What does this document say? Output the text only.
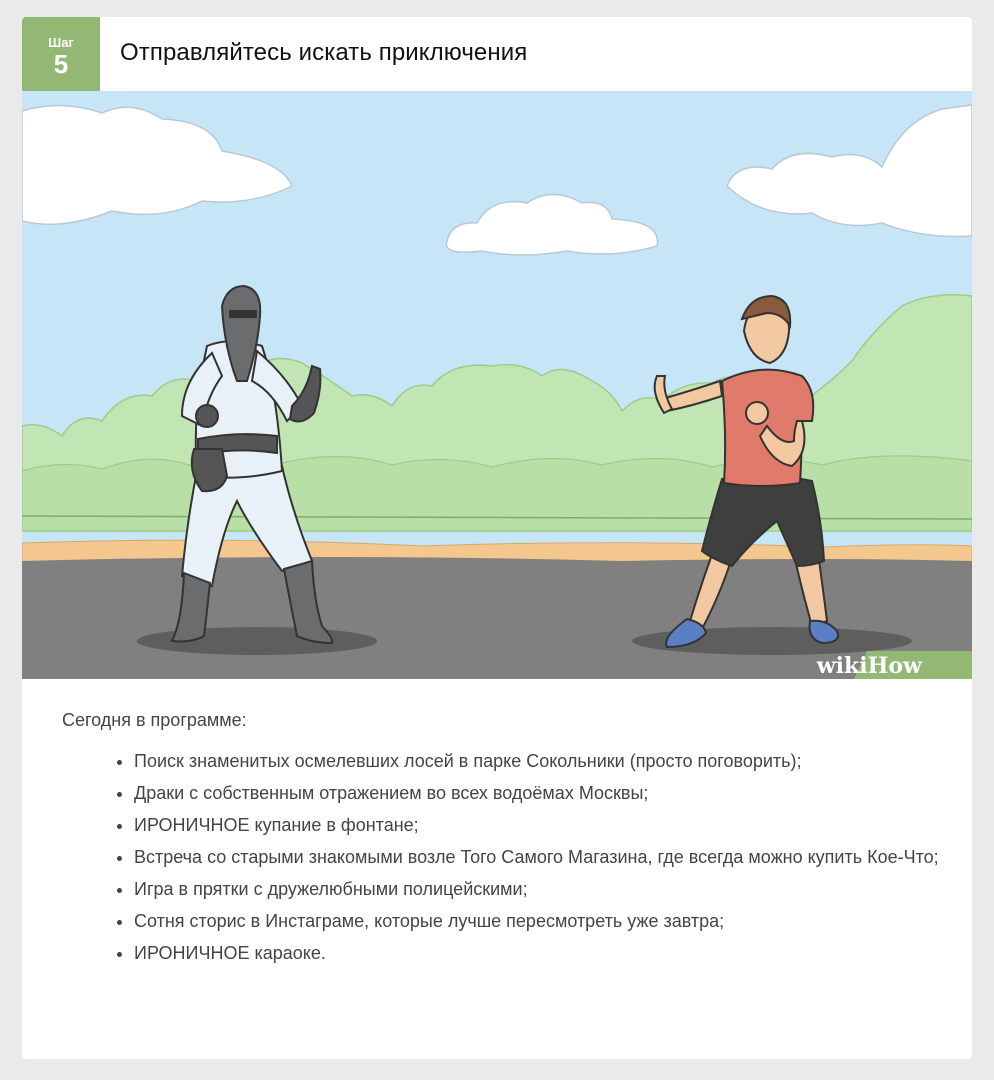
Шаг
5	Отправляйтесь искать приключения
wikiHow

Сегодня в программе:

• Поиск знаменитых осмелевших лосей в парке Сокольники (просто поговорить);
• Драки с собственным отражением во всех водоёмах Москвы;
• ИРОНИЧНОЕ купание в фонтане;
• Встреча со старыми знакомыми возле Того Самого Магазина, где всегда можно купить Кое-Что;
• Игра в прятки с дружелюбными полицейскими;
• Сотня сторис в Инстаграме, которые лучше пересмотреть уже завтра;
• ИРОНИЧНОЕ караоке.
